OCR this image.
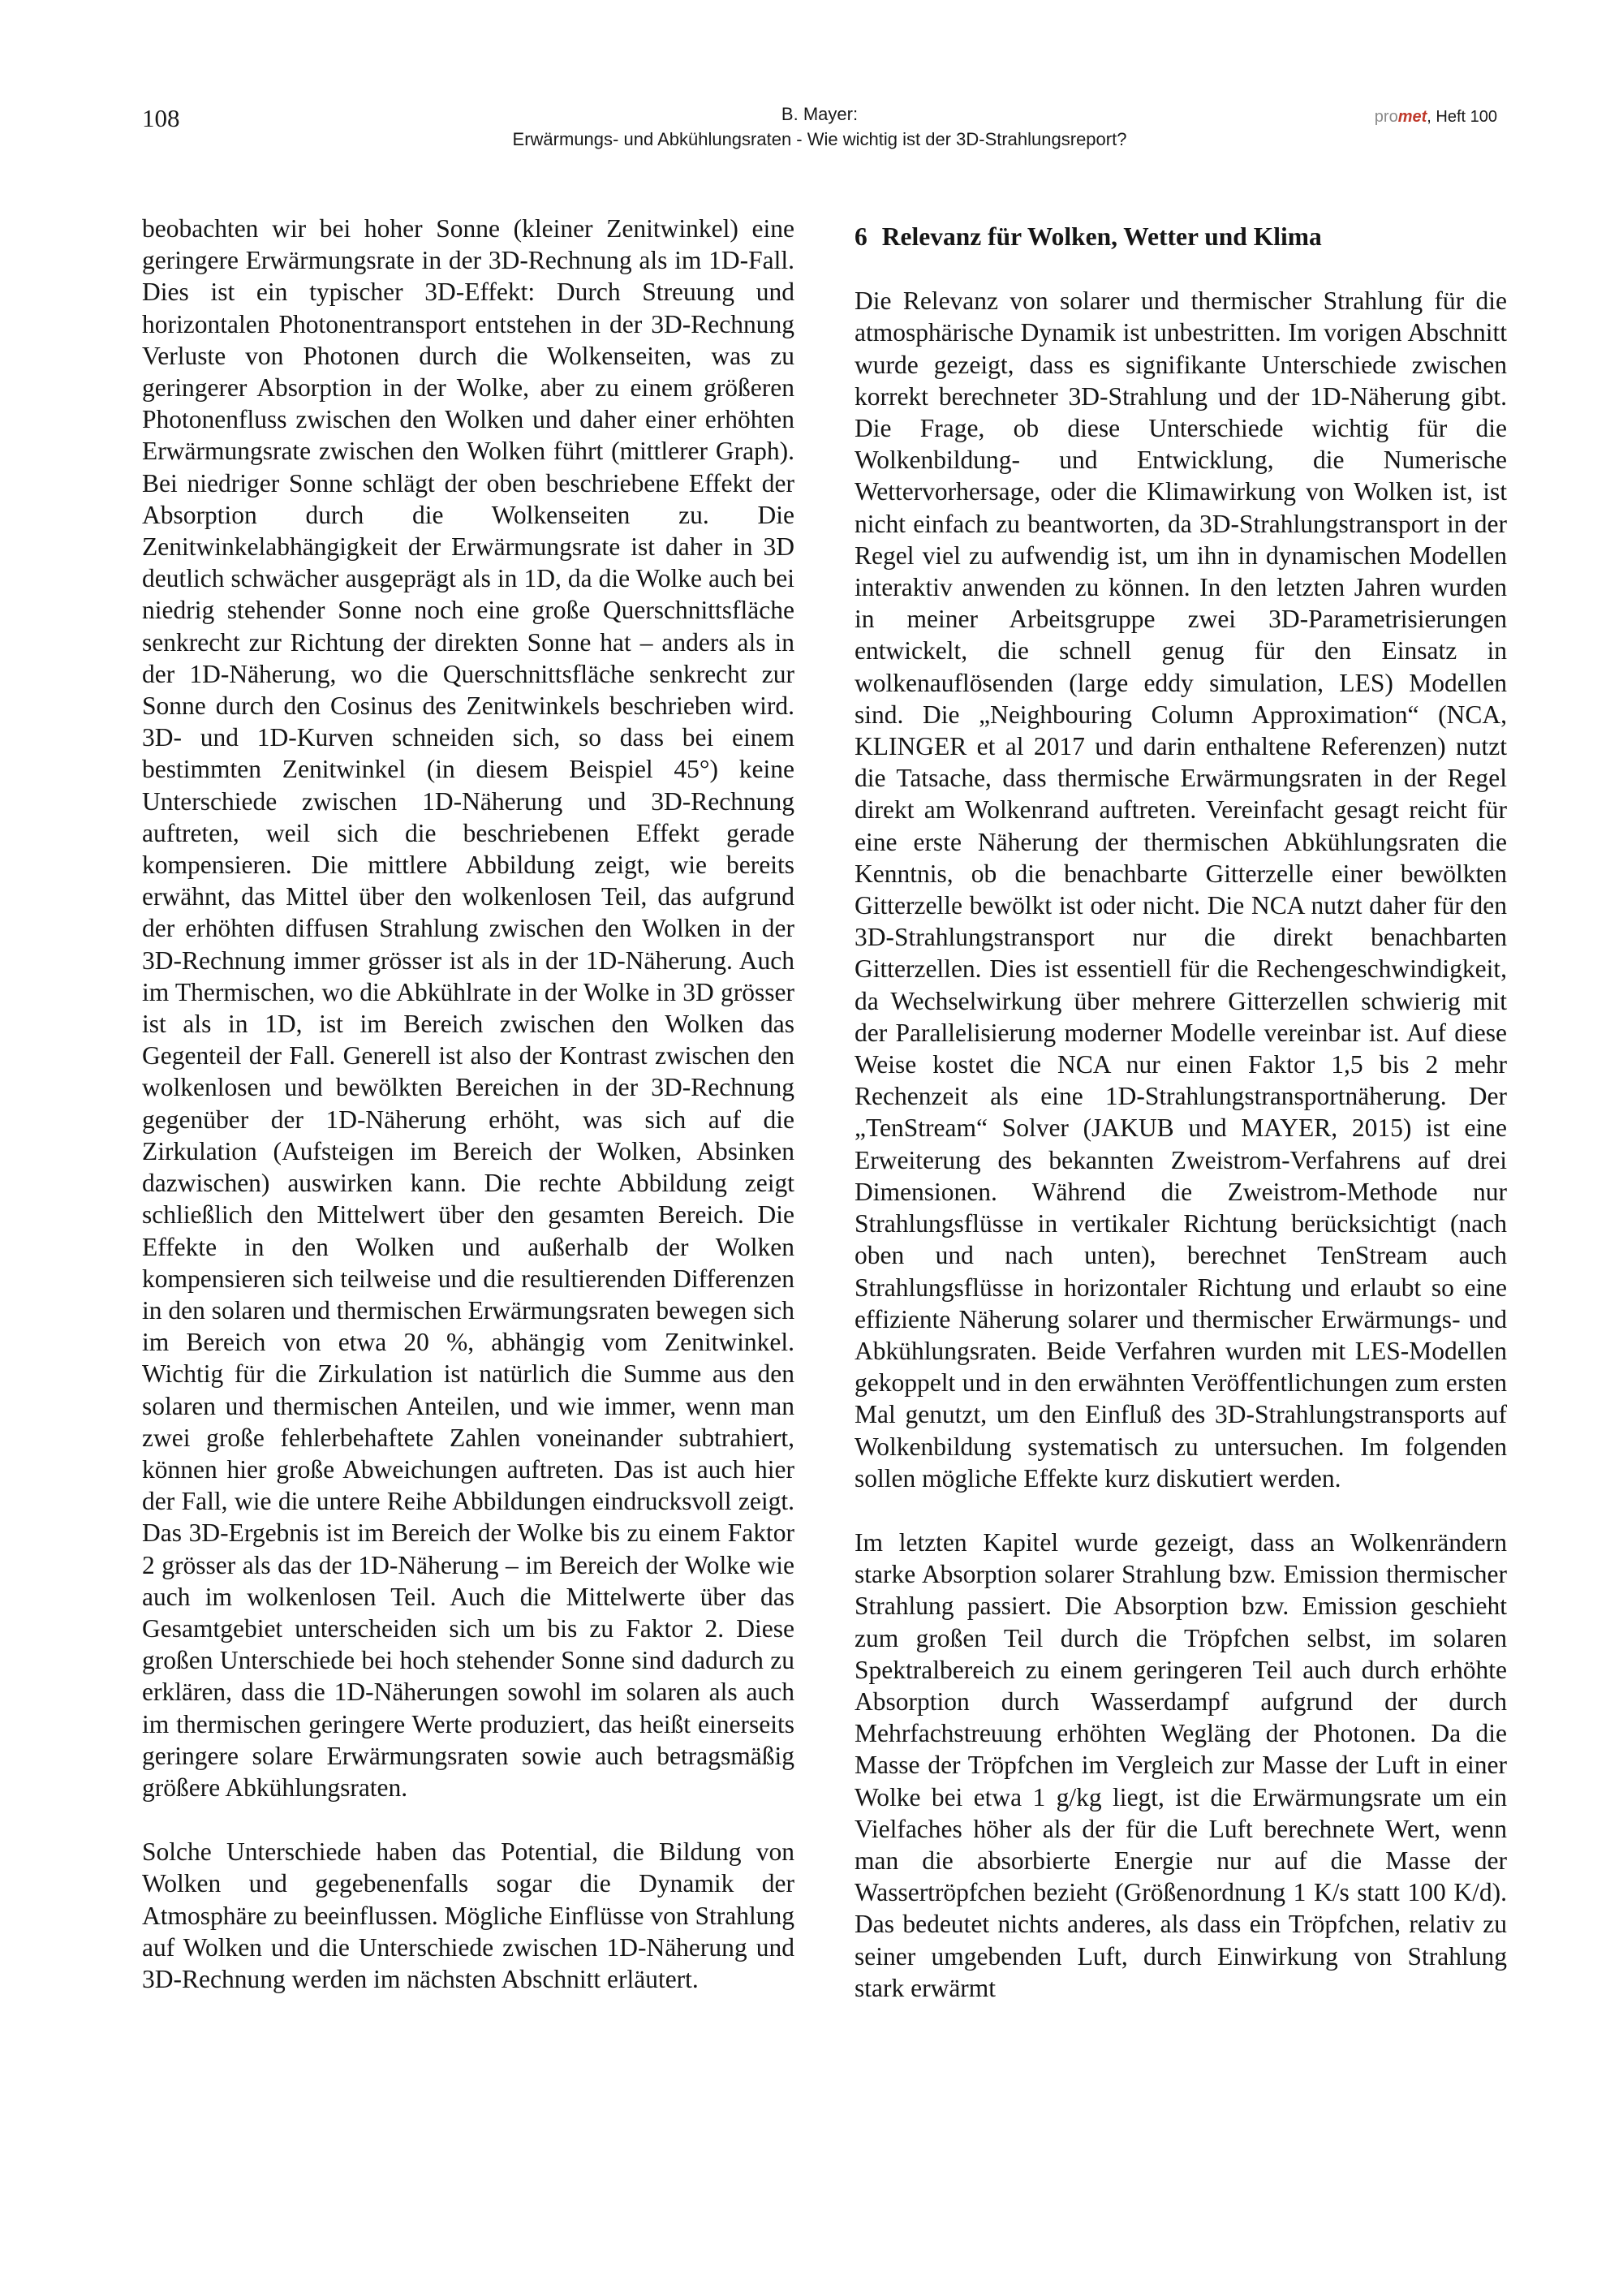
108	B. Mayer:
Erwärmungs- und Abkühlungsraten - Wie wichtig ist der 3D-Strahlungsreport?
promet, Heft 100

beobachten wir bei hoher Sonne (kleiner Zenitwinkel) eine geringere Erwärmungsrate in der 3D-Rechnung als im 1D-Fall. Dies ist ein typischer 3D-Effekt: Durch Streuung und horizontalen Photonentransport entstehen in der 3D-Rechnung Verluste von Photonen durch die Wolkenseiten, was zu geringerer Absorption in der Wolke, aber zu einem größeren Photonenfluss zwischen den Wolken und daher einer erhöhten Erwärmungsrate zwischen den Wolken führt (mittlerer Graph). Bei niedriger Sonne schlägt der oben beschriebene Effekt der Absorption durch die Wolkenseiten zu. Die Zenitwinkelabhängigkeit der Erwärmungsrate ist daher in 3D deutlich schwächer ausgeprägt als in 1D, da die Wolke auch bei niedrig stehender Sonne noch eine große Querschnittsfläche senkrecht zur Richtung der direkten Sonne hat – anders als in der 1D-Näherung, wo die Querschnittsfläche senkrecht zur Sonne durch den Cosinus des Zenitwinkels beschrieben wird. 3D- und 1D-Kurven schneiden sich, so dass bei einem bestimmten Zenitwinkel (in diesem Beispiel 45°) keine Unterschiede zwischen 1D-Näherung und 3D-Rechnung auftreten, weil sich die beschriebenen Effekt gerade kompensieren. Die mittlere Abbildung zeigt, wie bereits erwähnt, das Mittel über den wolkenlosen Teil, das aufgrund der erhöhten diffusen Strahlung zwischen den Wolken in der 3D-Rechnung immer grösser ist als in der 1D-Näherung. Auch im Thermischen, wo die Abkühlrate in der Wolke in 3D grösser ist als in 1D, ist im Bereich zwischen den Wolken das Gegenteil der Fall. Generell ist also der Kontrast zwischen den wolkenlosen und bewölkten Bereichen in der 3D-Rechnung gegenüber der 1D-Näherung erhöht, was sich auf die Zirkulation (Aufsteigen im Bereich der Wolken, Absinken dazwischen) auswirken kann. Die rechte Abbildung zeigt schließlich den Mittelwert über den gesamten Bereich. Die Effekte in den Wolken und außerhalb der Wolken kompensieren sich teilweise und die resultierenden Differenzen in den solaren und thermischen Erwärmungsraten bewegen sich im Bereich von etwa 20 %, abhängig vom Zenitwinkel. Wichtig für die Zirkulation ist natürlich die Summe aus den solaren und thermischen Anteilen, und wie immer, wenn man zwei große fehlerbehaftete Zahlen voneinander subtrahiert, können hier große Abweichungen auftreten. Das ist auch hier der Fall, wie die untere Reihe Abbildungen eindrucksvoll zeigt. Das 3D-Ergebnis ist im Bereich der Wolke bis zu einem Faktor 2 grösser als das der 1D-Näherung – im Bereich der Wolke wie auch im wolkenlosen Teil. Auch die Mittelwerte über das Gesamtgebiet unterscheiden sich um bis zu Faktor 2. Diese großen Unterschiede bei hoch stehender Sonne sind dadurch zu erklären, dass die 1D-Näherungen sowohl im solaren als auch im thermischen geringere Werte produziert, das heißt einerseits geringere solare Erwärmungsraten sowie auch betragsmäßig größere Abkühlungsraten.

Solche Unterschiede haben das Potential, die Bildung von Wolken und gegebenenfalls sogar die Dynamik der Atmosphäre zu beeinflussen. Mögliche Einflüsse von Strahlung auf Wolken und die Unterschiede zwischen 1D-Näherung und 3D-Rechnung werden im nächsten Abschnitt erläutert.

6 Relevanz für Wolken, Wetter und Klima

Die Relevanz von solarer und thermischer Strahlung für die atmosphärische Dynamik ist unbestritten. Im vorigen Abschnitt wurde gezeigt, dass es signifikante Unterschiede zwischen korrekt berechneter 3D-Strahlung und der 1D-Näherung gibt. Die Frage, ob diese Unterschiede wichtig für die Wolkenbildung- und Entwicklung, die Numerische Wettervorhersage, oder die Klimawirkung von Wolken ist, ist nicht einfach zu beantworten, da 3D-Strahlungstransport in der Regel viel zu aufwendig ist, um ihn in dynamischen Modellen interaktiv anwenden zu können. In den letzten Jahren wurden in meiner Arbeitsgruppe zwei 3D-Parametrisierungen entwickelt, die schnell genug für den Einsatz in wolkenauflösenden (large eddy simulation, LES) Modellen sind. Die „Neighbouring Column Approximation“ (NCA, KLINGER et al 2017 und darin enthaltene Referenzen) nutzt die Tatsache, dass thermische Erwärmungsraten in der Regel direkt am Wolkenrand auftreten. Vereinfacht gesagt reicht für eine erste Näherung der thermischen Abkühlungsraten die Kenntnis, ob die benachbarte Gitterzelle einer bewölkten Gitterzelle bewölkt ist oder nicht. Die NCA nutzt daher für den 3D-Strahlungstransport nur die direkt benachbarten Gitterzellen. Dies ist essentiell für die Rechengeschwindigkeit, da Wechselwirkung über mehrere Gitterzellen schwierig mit der Parallelisierung moderner Modelle vereinbar ist. Auf diese Weise kostet die NCA nur einen Faktor 1,5 bis 2 mehr Rechenzeit als eine 1D-Strahlungstransportnäherung. Der „TenStream“ Solver (JAKUB und MAYER, 2015) ist eine Erweiterung des bekannten Zweistrom-Verfahrens auf drei Dimensionen. Während die Zweistrom-Methode nur Strahlungsflüsse in vertikaler Richtung berücksichtigt (nach oben und nach unten), berechnet TenStream auch Strahlungsflüsse in horizontaler Richtung und erlaubt so eine effiziente Näherung solarer und thermischer Erwärmungs- und Abkühlungsraten. Beide Verfahren wurden mit LES-Modellen gekoppelt und in den erwähnten Veröffentlichungen zum ersten Mal genutzt, um den Einfluß des 3D-Strahlungstransports auf Wolkenbildung systematisch zu untersuchen. Im folgenden sollen mögliche Effekte kurz diskutiert werden.

Im letzten Kapitel wurde gezeigt, dass an Wolkenrändern starke Absorption solarer Strahlung bzw. Emission thermischer Strahlung passiert. Die Absorption bzw. Emission geschieht zum großen Teil durch die Tröpfchen selbst, im solaren Spektralbereich zu einem geringeren Teil auch durch erhöhte Absorption durch Wasserdampf aufgrund der durch Mehrfachstreuung erhöhten Wegläng der Photonen. Da die Masse der Tröpfchen im Vergleich zur Masse der Luft in einer Wolke bei etwa 1 g/kg liegt, ist die Erwärmungsrate um ein Vielfaches höher als der für die Luft berechnete Wert, wenn man die absorbierte Energie nur auf die Masse der Wassertröpfchen bezieht (Größenordnung 1 K/s statt 100 K/d). Das bedeutet nichts anderes, als dass ein Tröpfchen, relativ zu seiner umgebenden Luft, durch Einwirkung von Strahlung stark erwärmt
